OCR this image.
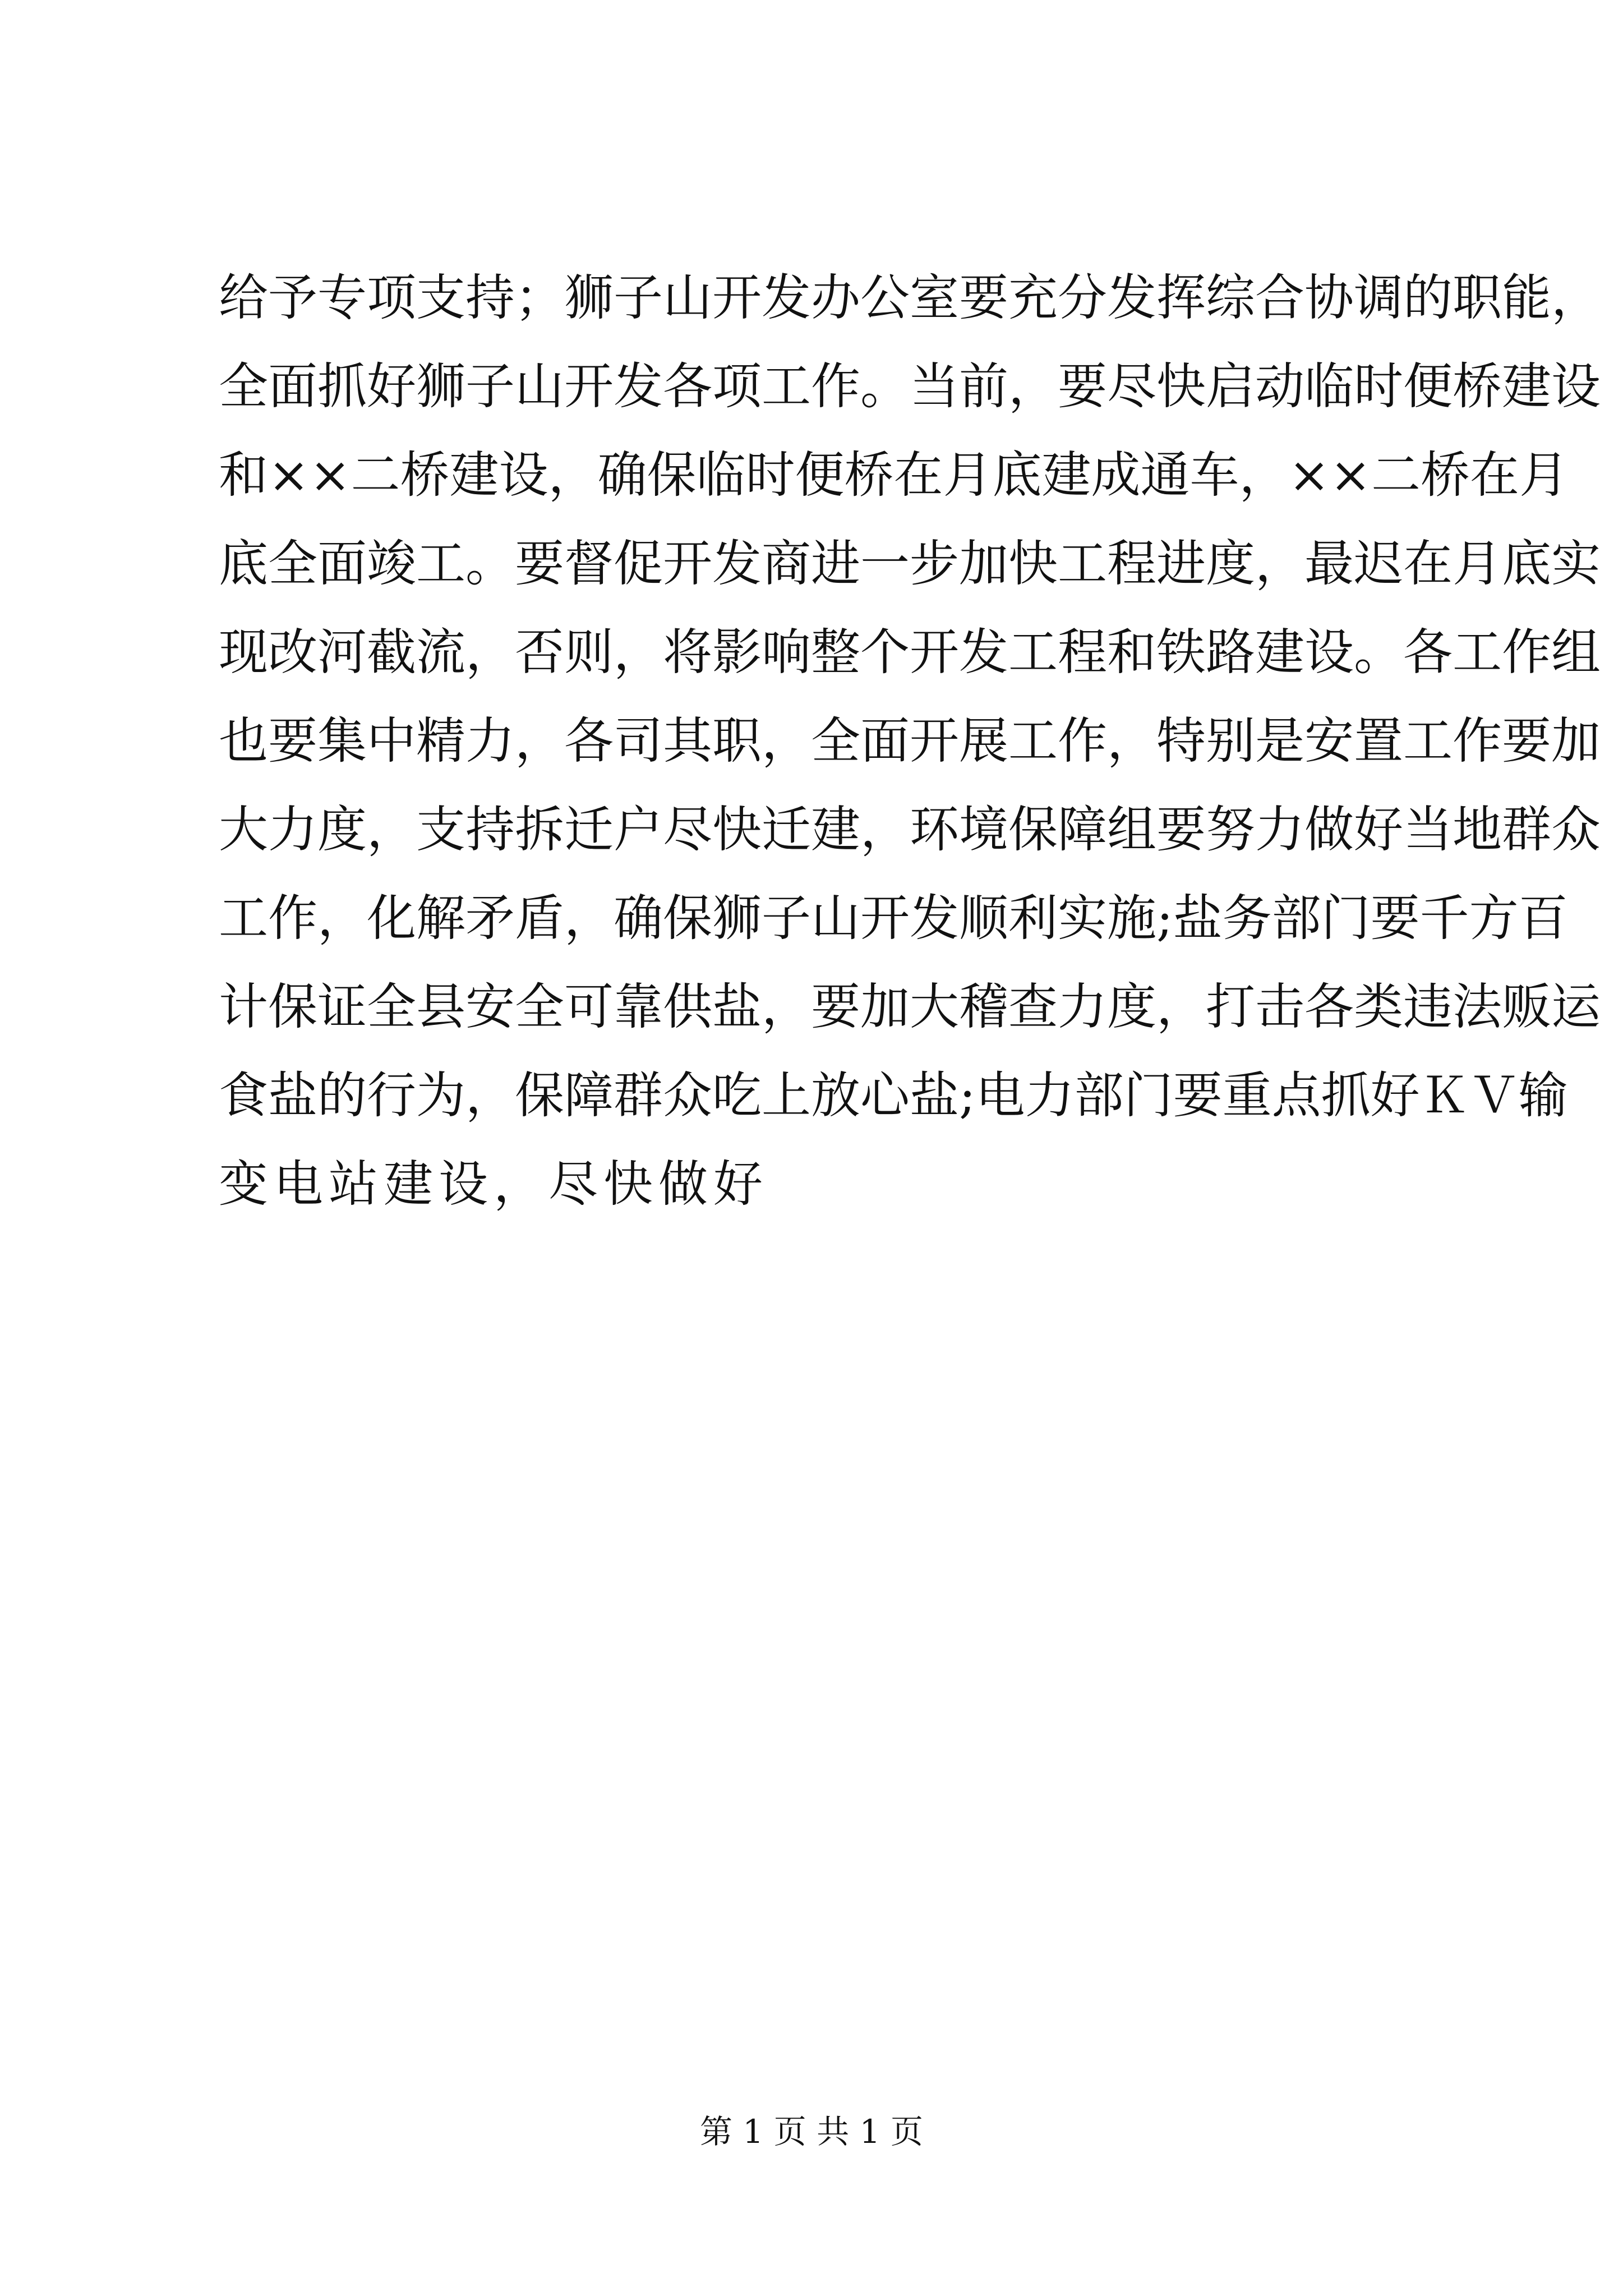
给予专项支持；狮子山开发办公室要充分发挥综合协调的职能，
全面抓好狮子山开发各项工作。当前，要尽快启动临时便桥建设
和××二桥建设，确保临时便桥在月底建成通车，××二桥在月
底全面竣工。要督促开发商进一步加快工程进度，最迟在月底实
现改河截流，否则，将影响整个开发工程和铁路建设。各工作组
也要集中精力，各司其职，全面开展工作，特别是安置工作要加
大力度，支持拆迁户尽快迁建，环境保障组要努力做好当地群众
工作，化解矛盾，确保狮子山开发顺利实施;盐务部门要千方百
计保证全县安全可靠供盐，要加大稽查力度，打击各类违法贩运
食盐的行为，保障群众吃上放心盐;电力部门要重点抓好ＫＶ输
变电站建设，尽快做好
第 1 页 共 1 页
